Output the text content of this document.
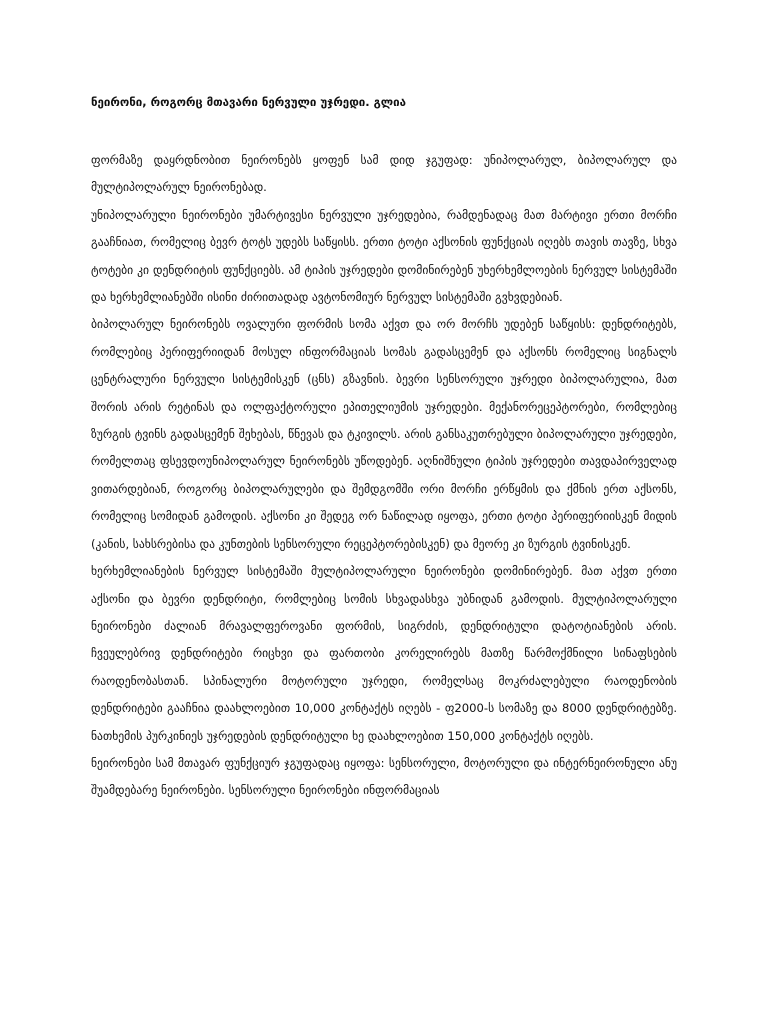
ნეირონი, როგორც მთავარი ნერვული უჯრედი. გლია

ფორმაზე დაყრდნობით ნეირონებს ყოფენ სამ დიდ ჯგუფად: უნიპოლარულ, ბიპოლარულ და მულტიპოლარულ ნეირონებად.

უნიპოლარული ნეირონები უმარტივესი ნერვული უჯრედებია, რამდენადაც მათ მარტივი ერთი მორჩი გააჩნიათ, რომელიც ბევრ ტოტს უდებს საწყისს. ერთი ტოტი აქსონის ფუნქციას იღებს თავის თავზე, სხვა ტოტები კი დენდრიტის ფუნქციებს. ამ ტიპის უჯრედები დომინირებენ უხერხემლოების ნერვულ სისტემაში და ხერხემლიანებში ისინი ძირითადად ავტონომიურ ნერვულ სისტემაში გვხვდებიან.

ბიპოლარულ ნეირონებს ოვალური ფორმის სომა აქვთ და ორ მორჩს უდებენ საწყისს: დენდრიტებს, რომლებიც პერიფერიიდან მოსულ ინფორმაციას სომას გადასცემენ და აქსონს რომელიც სიგნალს ცენტრალური ნერვული სისტემისკენ (ცნს) გზავნის. ბევრი სენსორული უჯრედი ბიპოლარულია, მათ შორის არის რეტინას და ოლფაქტორული ეპითელიუმის უჯრედები. მექანორეცეპტორები, რომლებიც ზურგის ტვინს გადასცემენ შეხებას, წნევას და ტკივილს. არის განსაკუთრებული ბიპოლარული უჯრედები, რომელთაც ფსევდოუნიპოლარულ ნეირონებს უწოდებენ. აღნიშნული ტიპის უჯრედები თავდაპირველად ვითარდებიან, როგორც ბიპოლარულები და შემდგომში ორი მორჩი ერწყმის და ქმნის ერთ აქსონს, რომელიც სომიდან გამოდის. აქსონი კი შედეგ ორ ნაწილად იყოფა, ერთი ტოტი პერიფერიისკენ მიდის (კანის, სახსრებისა და კუნთების სენსორული რეცეპტორებისკენ) და მეორე კი ზურგის ტვინისკენ.

ხერხემლიანების ნერვულ სისტემაში მულტიპოლარული ნეირონები დომინირებენ. მათ აქვთ ერთი აქსონი და ბევრი დენდრიტი, რომლებიც სომის სხვადასხვა უბნიდან გამოდის. მულტიპოლარული ნეირონები ძალიან მრავალფეროვანი ფორმის, სიგრძის, დენდრიტული დატოტიანების არის. ჩვეულებრივ დენდრიტები რიცხვი და ფართობი კორელირებს მათზე წარმოქმნილი სინაფსების რაოდენობასთან. სპინალური მოტორული უჯრედი, რომელსაც მოკრძალებული რაოდენობის დენდრიტები გააჩნია დაახლოებით 10,000 კონტაქტს იღებს - ფ2000-ს სომაზე და 8000 დენდრიტებზე. ნათხემის პურკინიეს უჯრედების დენდრიტული ხე დაახლოებით 150,000 კონტაქტს იღებს.

ნეირონები სამ მთავარ ფუნქციურ ჯგუფადაც იყოფა: სენსორული, მოტორული და ინტერნეირონული ანუ შუამდებარე ნეირონები. სენსორული ნეირონები ინფორმაციას
